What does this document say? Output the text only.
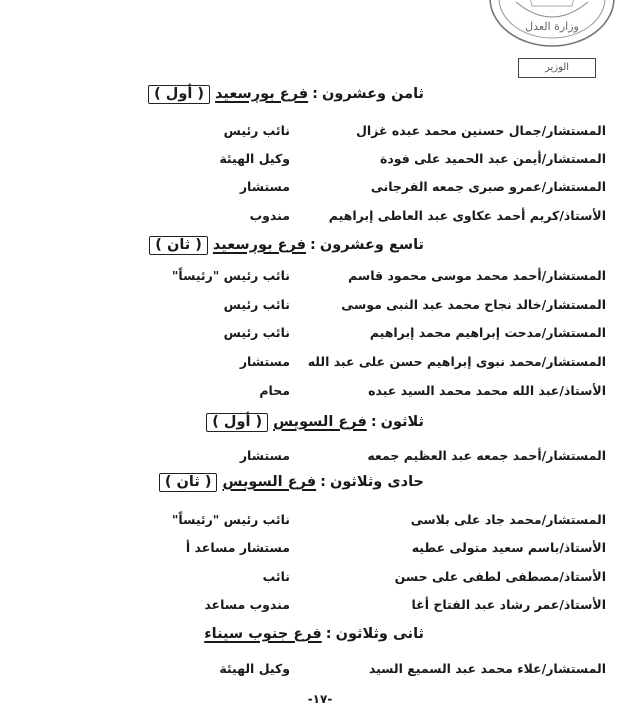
وزارة العدل
الوزير
ثامن وعشرون:فرع بورسعيد( أول )
المستشار/جمال حسنين محمد عبده غزال
نائب رئيس
المستشار/أيمن عبد الحميد على فودة
وكيل الهيئة
المستشار/عمرو صبرى جمعه الفرجانى
مستشار
الأستاذ/كريم أحمد عكاوى عبد العاطى إبراهيم
مندوب
تاسع وعشرون:فرع بورسعيد( ثان )
المستشار/أحمد محمد موسى محمود قاسم
نائب رئيس "رئيساً"
المستشار/خالد نجاح محمد عبد النبى موسى
نائب رئيس
المستشار/مدحت إبراهيم محمد إبراهيم
نائب رئيس
المستشار/محمد نبوى إبراهيم حسن على عبد الله
مستشار
الأستاذ/عبد الله محمد محمد السيد عبده
محام
ثلاثون:فرع السويس( أول )
المستشار/أحمد جمعه عبد العظيم جمعه
مستشار
حادى وثلاثون:فرع السويس( ثان )
المستشار/محمد جاد على بلاسى
نائب رئيس "رئيساً"
الأستاذ/باسم سعيد متولى عطيه
مستشار مساعد أ
الأستاذ/مصطفى لطفى على حسن
نائب
الأستاذ/عمر رشاد عبد الفتاح أغا
مندوب مساعد
ثانى وثلاثون:فرع جنوب سيناء
المستشار/علاء محمد عبد السميع السيد
وكيل الهيئة
-١٧-
